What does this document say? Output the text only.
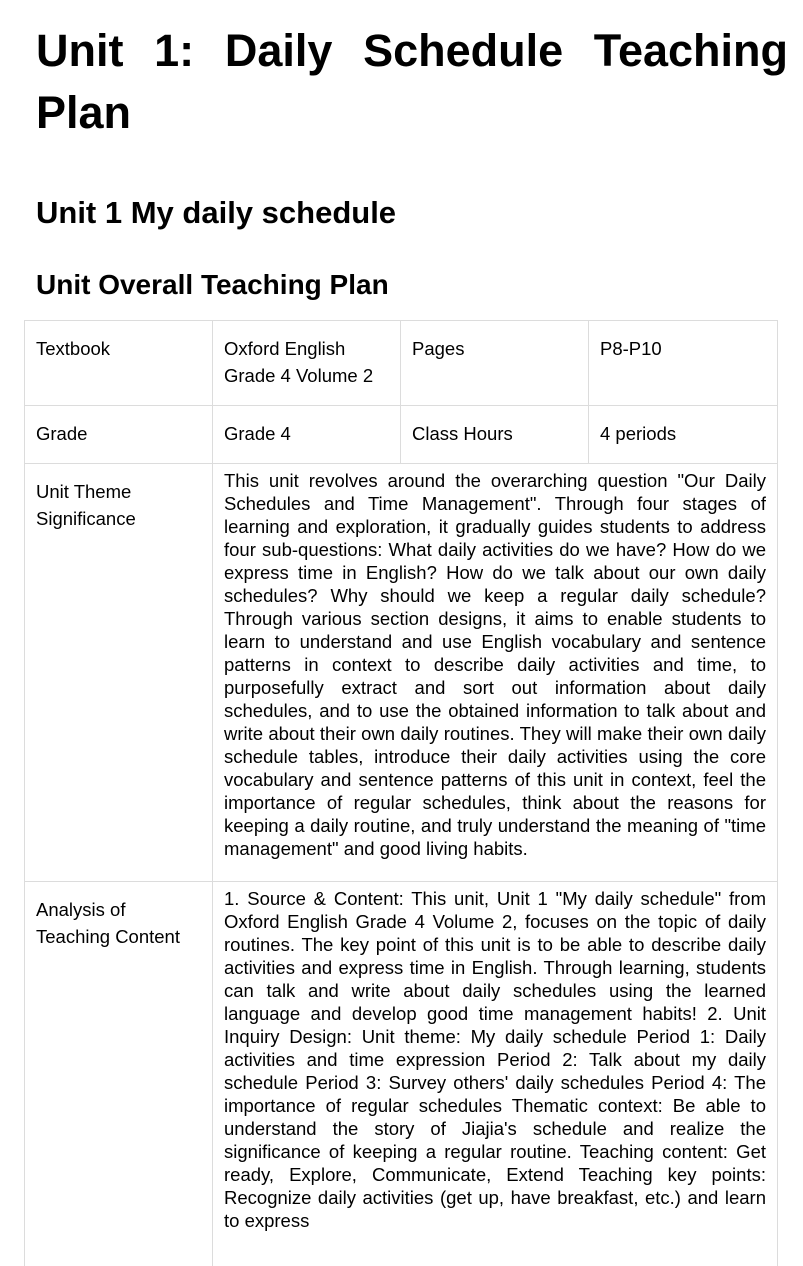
Unit 1: Daily Schedule Teaching Plan
Unit 1 My daily schedule
Unit Overall Teaching Plan
Textbook	Oxford English Grade 4 Volume 2	Pages	P8-P10
Grade	Grade 4	Class Hours	4 periods
Unit Theme Significance	This unit revolves around the overarching question "Our Daily Schedules and Time Management". Through four stages of learning and exploration, it gradually guides students to address four sub-questions: What daily activities do we have? How do we express time in English? How do we talk about our own daily schedules? Why should we keep a regular daily schedule? Through various section designs, it aims to enable students to learn to understand and use English vocabulary and sentence patterns in context to describe daily activities and time, to purposefully extract and sort out information about daily schedules, and to use the obtained information to talk about and write about their own daily routines. They will make their own daily schedule tables, introduce their daily activities using the core vocabulary and sentence patterns of this unit in context, feel the importance of regular schedules, think about the reasons for keeping a daily routine, and truly understand the meaning of "time management" and good living habits.		

Analysis of Teaching Content	1. Source & Content: This unit, Unit 1 "My daily schedule" from Oxford English Grade 4 Volume 2, focuses on the topic of daily routines. The key point of this unit is to be able to describe daily activities and express time in English. Through learning, students can talk and write about daily schedules using the learned language and develop good time management habits! 2. Unit Inquiry Design: Unit theme: My daily schedule Period 1: Daily activities and time expression Period 2: Talk about my daily schedule Period 3: Survey others' daily schedules Period 4: The importance of regular schedules Thematic context: Be able to understand the story of Jiajia's schedule and realize the significance of keeping a regular routine. Teaching content: Get ready, Explore, Communicate, Extend Teaching key points: Recognize daily activities (get up, have breakfast, etc.) and learn to express		
